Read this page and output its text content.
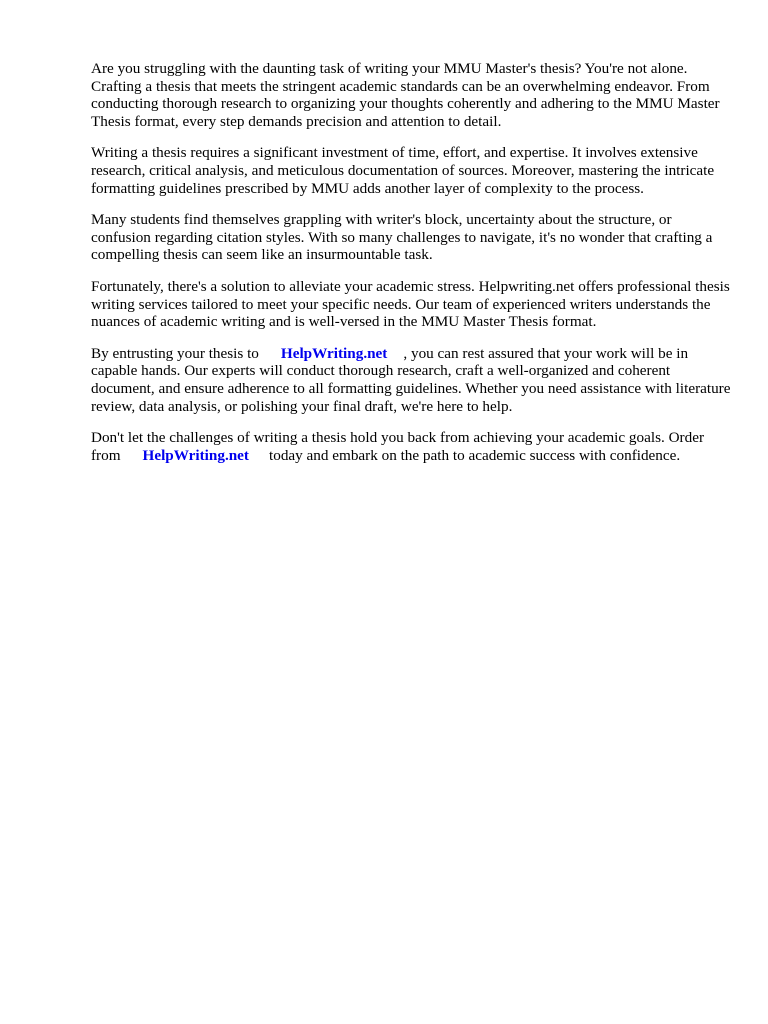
Are you struggling with the daunting task of writing your MMU Master's thesis? You're not alone. Crafting a thesis that meets the stringent academic standards can be an overwhelming endeavor. From conducting thorough research to organizing your thoughts coherently and adhering to the MMU Master Thesis format, every step demands precision and attention to detail.

Writing a thesis requires a significant investment of time, effort, and expertise. It involves extensive research, critical analysis, and meticulous documentation of sources. Moreover, mastering the intricate formatting guidelines prescribed by MMU adds another layer of complexity to the process.

Many students find themselves grappling with writer's block, uncertainty about the structure, or confusion regarding citation styles. With so many challenges to navigate, it's no wonder that crafting a compelling thesis can seem like an insurmountable task.

Fortunately, there's a solution to alleviate your academic stress. Helpwriting.net offers professional thesis writing services tailored to meet your specific needs. Our team of experienced writers understands the nuances of academic writing and is well-versed in the MMU Master Thesis format.

By entrusting your thesis to HelpWriting.net , you can rest assured that your work will be in capable hands. Our experts will conduct thorough research, craft a well-organized and coherent document, and ensure adherence to all formatting guidelines. Whether you need assistance with literature review, data analysis, or polishing your final draft, we're here to help.

Don't let the challenges of writing a thesis hold you back from achieving your academic goals. Order from HelpWriting.net today and embark on the path to academic success with confidence.
